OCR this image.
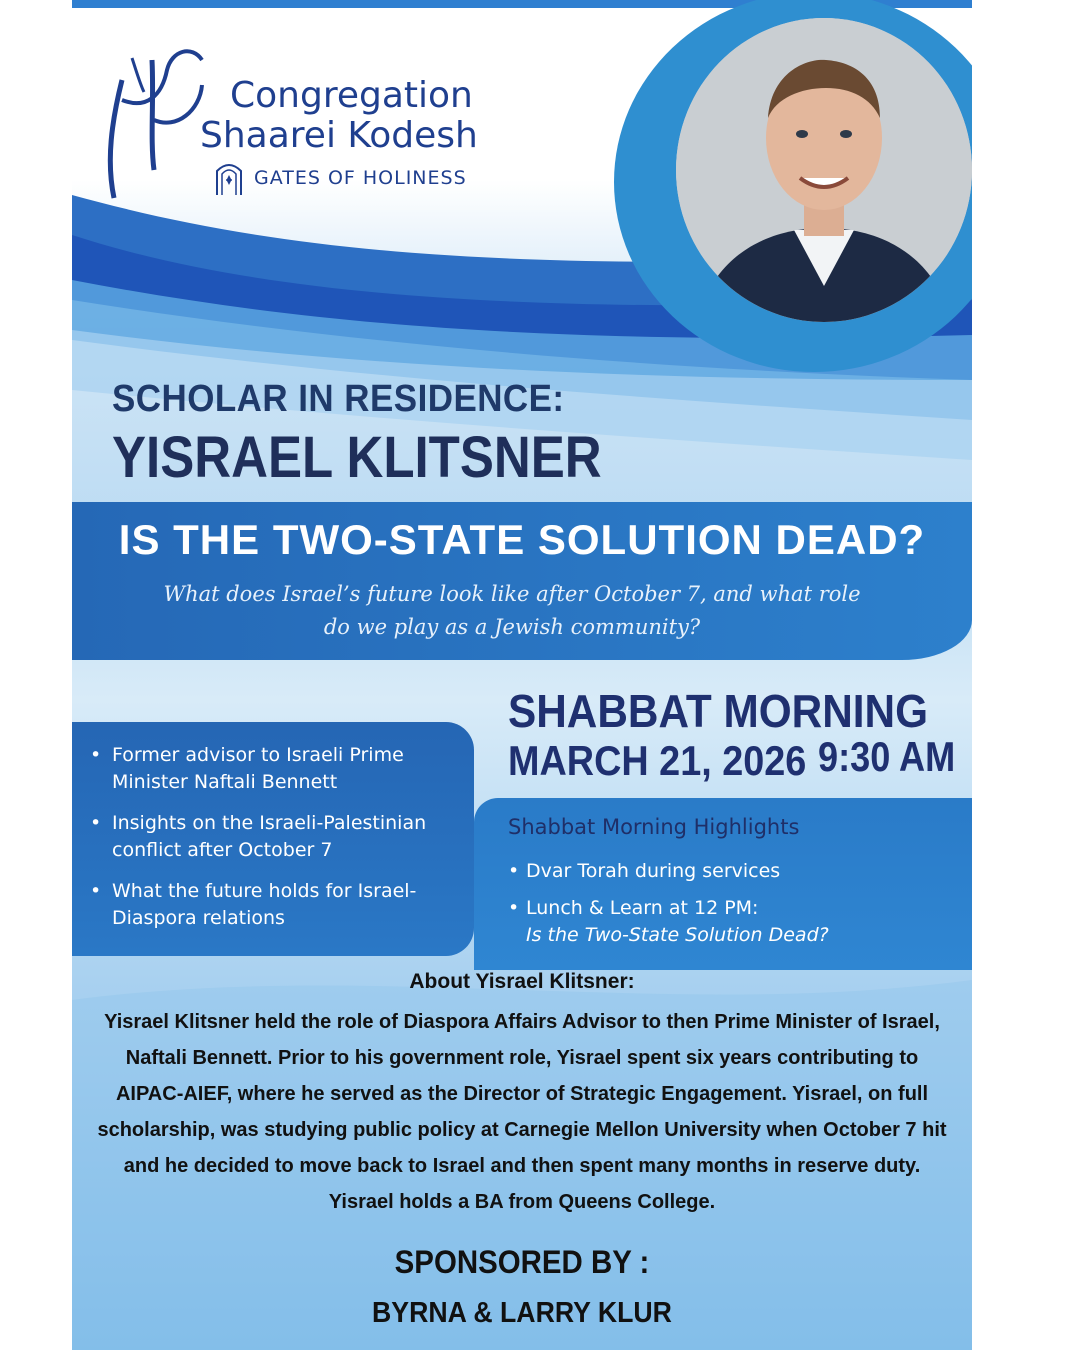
Congregation
Shaarei Kodesh
GATES OF HOLINESS
SCHOLAR IN RESIDENCE:
YISRAEL KLITSNER
IS THE TWO-STATE SOLUTION DEAD?
What does Israel’s future look like after October 7, and what role do we play as a Jewish community?
• Former advisor to Israeli Prime Minister Naftali Bennett
• Insights on the Israeli-Palestinian conflict after October 7
• What the future holds for Israel-Diaspora relations
SHABBAT MORNING
MARCH 21, 2026 9:30 AM
Shabbat Morning Highlights
• Dvar Torah during services
• Lunch & Learn at 12 PM:
Is the Two-State Solution Dead?
About Yisrael Klitsner:
Yisrael Klitsner held the role of Diaspora Affairs Advisor to then Prime Minister of Israel, Naftali Bennett. Prior to his government role, Yisrael spent six years contributing to AIPAC-AIEF, where he served as the Director of Strategic Engagement. Yisrael, on full scholarship, was studying public policy at Carnegie Mellon University when October 7 hit and he decided to move back to Israel and then spent many months in reserve duty. Yisrael holds a BA from Queens College.
SPONSORED BY :
BYRNA & LARRY KLUR
